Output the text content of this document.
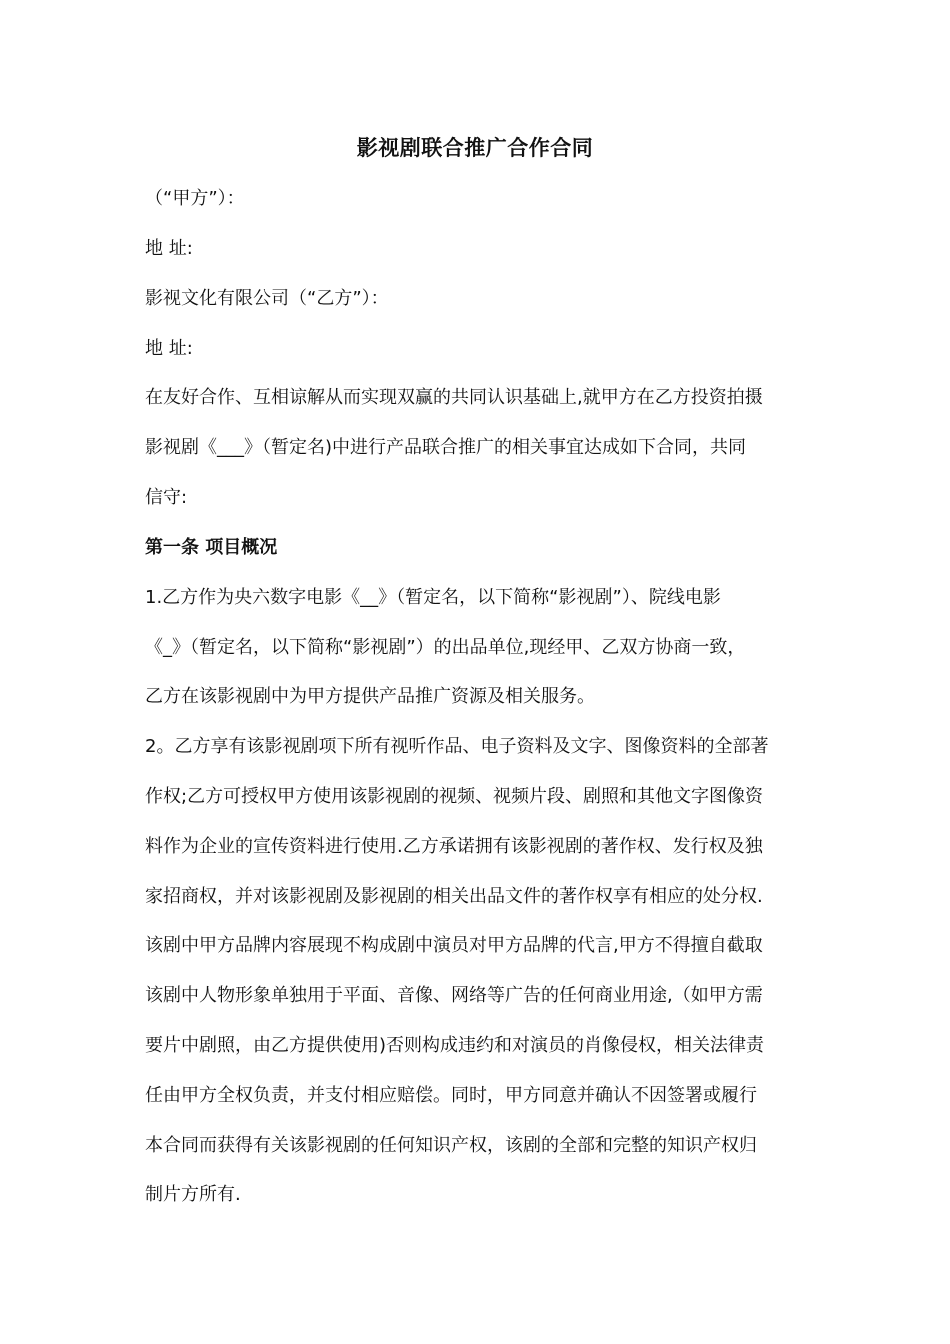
影视剧联合推广合作合同
（“甲方”）：
地 址:
影视文化有限公司（“乙方”）：
地 址:
在友好合作、互相谅解从而实现双赢的共同认识基础上,就甲方在乙方投资拍摄
影视剧《___》（暂定名)中进行产品联合推广的相关事宜达成如下合同，共同
信守:
第一条 项目概况
1.乙方作为央六数字电影《__》（暂定名，以下简称“影视剧”）、院线电影
《_》（暂定名，以下简称“影视剧”）的出品单位,现经甲、乙双方协商一致，
乙方在该影视剧中为甲方提供产品推广资源及相关服务。
2。乙方享有该影视剧项下所有视听作品、电子资料及文字、图像资料的全部著
作权;乙方可授权甲方使用该影视剧的视频、视频片段、剧照和其他文字图像资
料作为企业的宣传资料进行使用.乙方承诺拥有该影视剧的著作权、发行权及独
家招商权，并对该影视剧及影视剧的相关出品文件的著作权享有相应的处分权.
该剧中甲方品牌内容展现不构成剧中演员对甲方品牌的代言,甲方不得擅自截取
该剧中人物形象单独用于平面、音像、网络等广告的任何商业用途,（如甲方需
要片中剧照，由乙方提供使用)否则构成违约和对演员的肖像侵权，相关法律责
任由甲方全权负责，并支付相应赔偿。同时，甲方同意并确认不因签署或履行
本合同而获得有关该影视剧的任何知识产权，该剧的全部和完整的知识产权归
制片方所有.
